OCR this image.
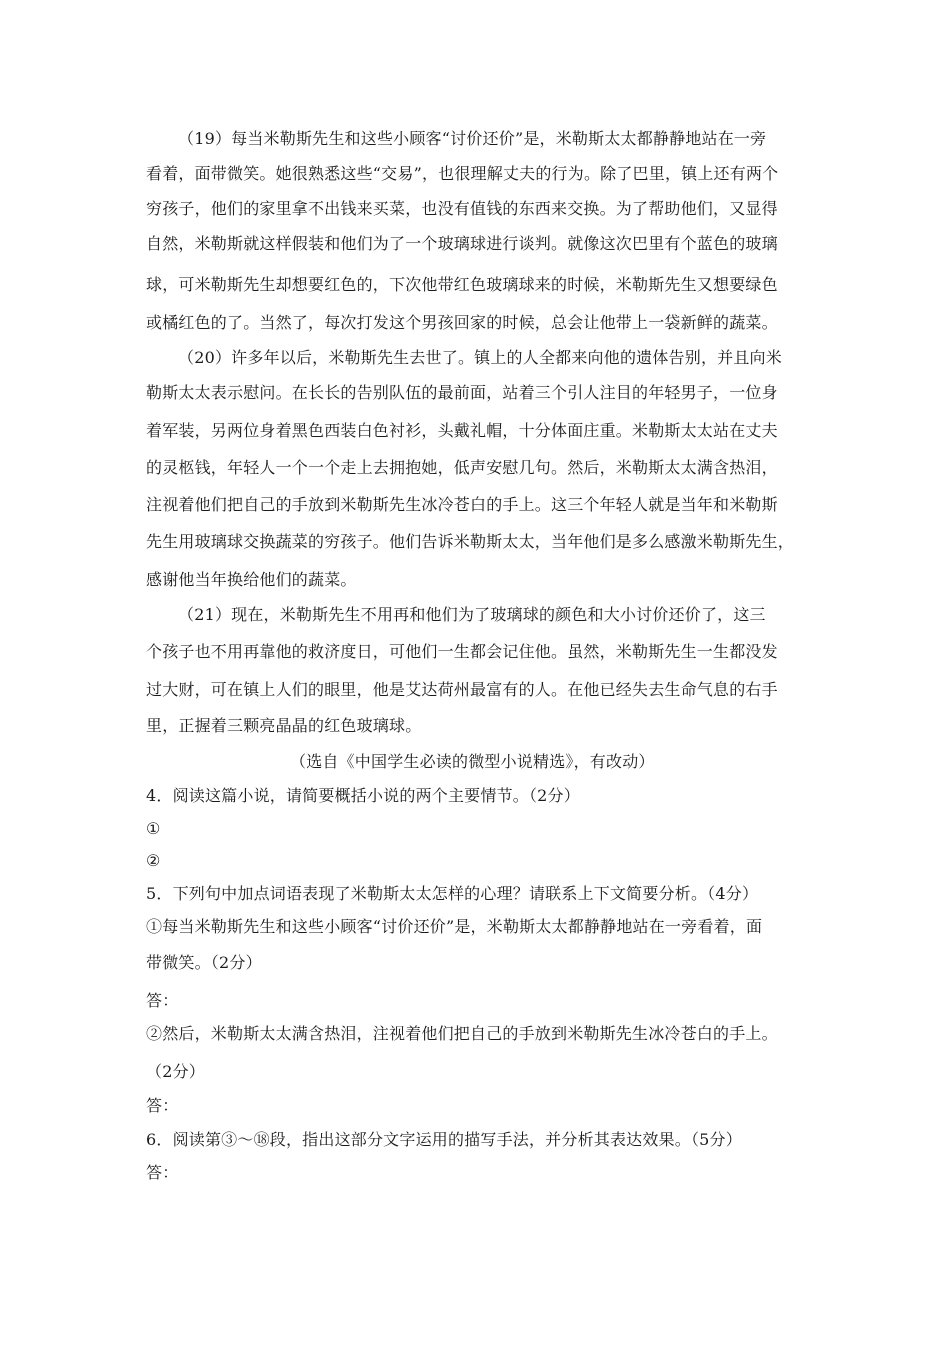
（19）每当米勒斯先生和这些小顾客“讨价还价”是，米勒斯太太都静静地站在一旁
看着，面带微笑。她很熟悉这些“交易”，也很理解丈夫的行为。除了巴里，镇上还有两个
穷孩子，他们的家里拿不出钱来买菜，也没有值钱的东西来交换。为了帮助他们，又显得
自然，米勒斯就这样假装和他们为了一个玻璃球进行谈判。就像这次巴里有个蓝色的玻璃
球，可米勒斯先生却想要红色的，下次他带红色玻璃球来的时候，米勒斯先生又想要绿色
或橘红色的了。当然了，每次打发这个男孩回家的时候，总会让他带上一袋新鲜的蔬菜。
（20）许多年以后，米勒斯先生去世了。镇上的人全都来向他的遗体告别，并且向米
勒斯太太表示慰问。在长长的告别队伍的最前面，站着三个引人注目的年轻男子，一位身
着军装，另两位身着黑色西装白色衬衫，头戴礼帽，十分体面庄重。米勒斯太太站在丈夫
的灵柩钱，年轻人一个一个走上去拥抱她，低声安慰几句。然后，米勒斯太太满含热泪，
注视着他们把自己的手放到米勒斯先生冰冷苍白的手上。这三个年轻人就是当年和米勒斯
先生用玻璃球交换蔬菜的穷孩子。他们告诉米勒斯太太，当年他们是多么感激米勒斯先生，
感谢他当年换给他们的蔬菜。
（21）现在，米勒斯先生不用再和他们为了玻璃球的颜色和大小讨价还价了，这三
个孩子也不用再靠他的救济度日，可他们一生都会记住他。虽然，米勒斯先生一生都没发
过大财，可在镇上人们的眼里，他是艾达荷州最富有的人。在他已经失去生命气息的右手
里，正握着三颗亮晶晶的红色玻璃球。
（选自《中国学生必读的微型小说精选》，有改动）
4．阅读这篇小说，请简要概括小说的两个主要情节。（2分）
①
②
5．下列句中加点词语表现了米勒斯太太怎样的心理？请联系上下文简要分析。（4分）
①每当米勒斯先生和这些小顾客“讨价还价”是，米勒斯太太都静静地站在一旁看着，面
带微笑。（2分）
答：
②然后，米勒斯太太满含热泪，注视着他们把自己的手放到米勒斯先生冰冷苍白的手上。
（2分）
答：
6．阅读第③～⑱段，指出这部分文字运用的描写手法，并分析其表达效果。（5分）
答：
